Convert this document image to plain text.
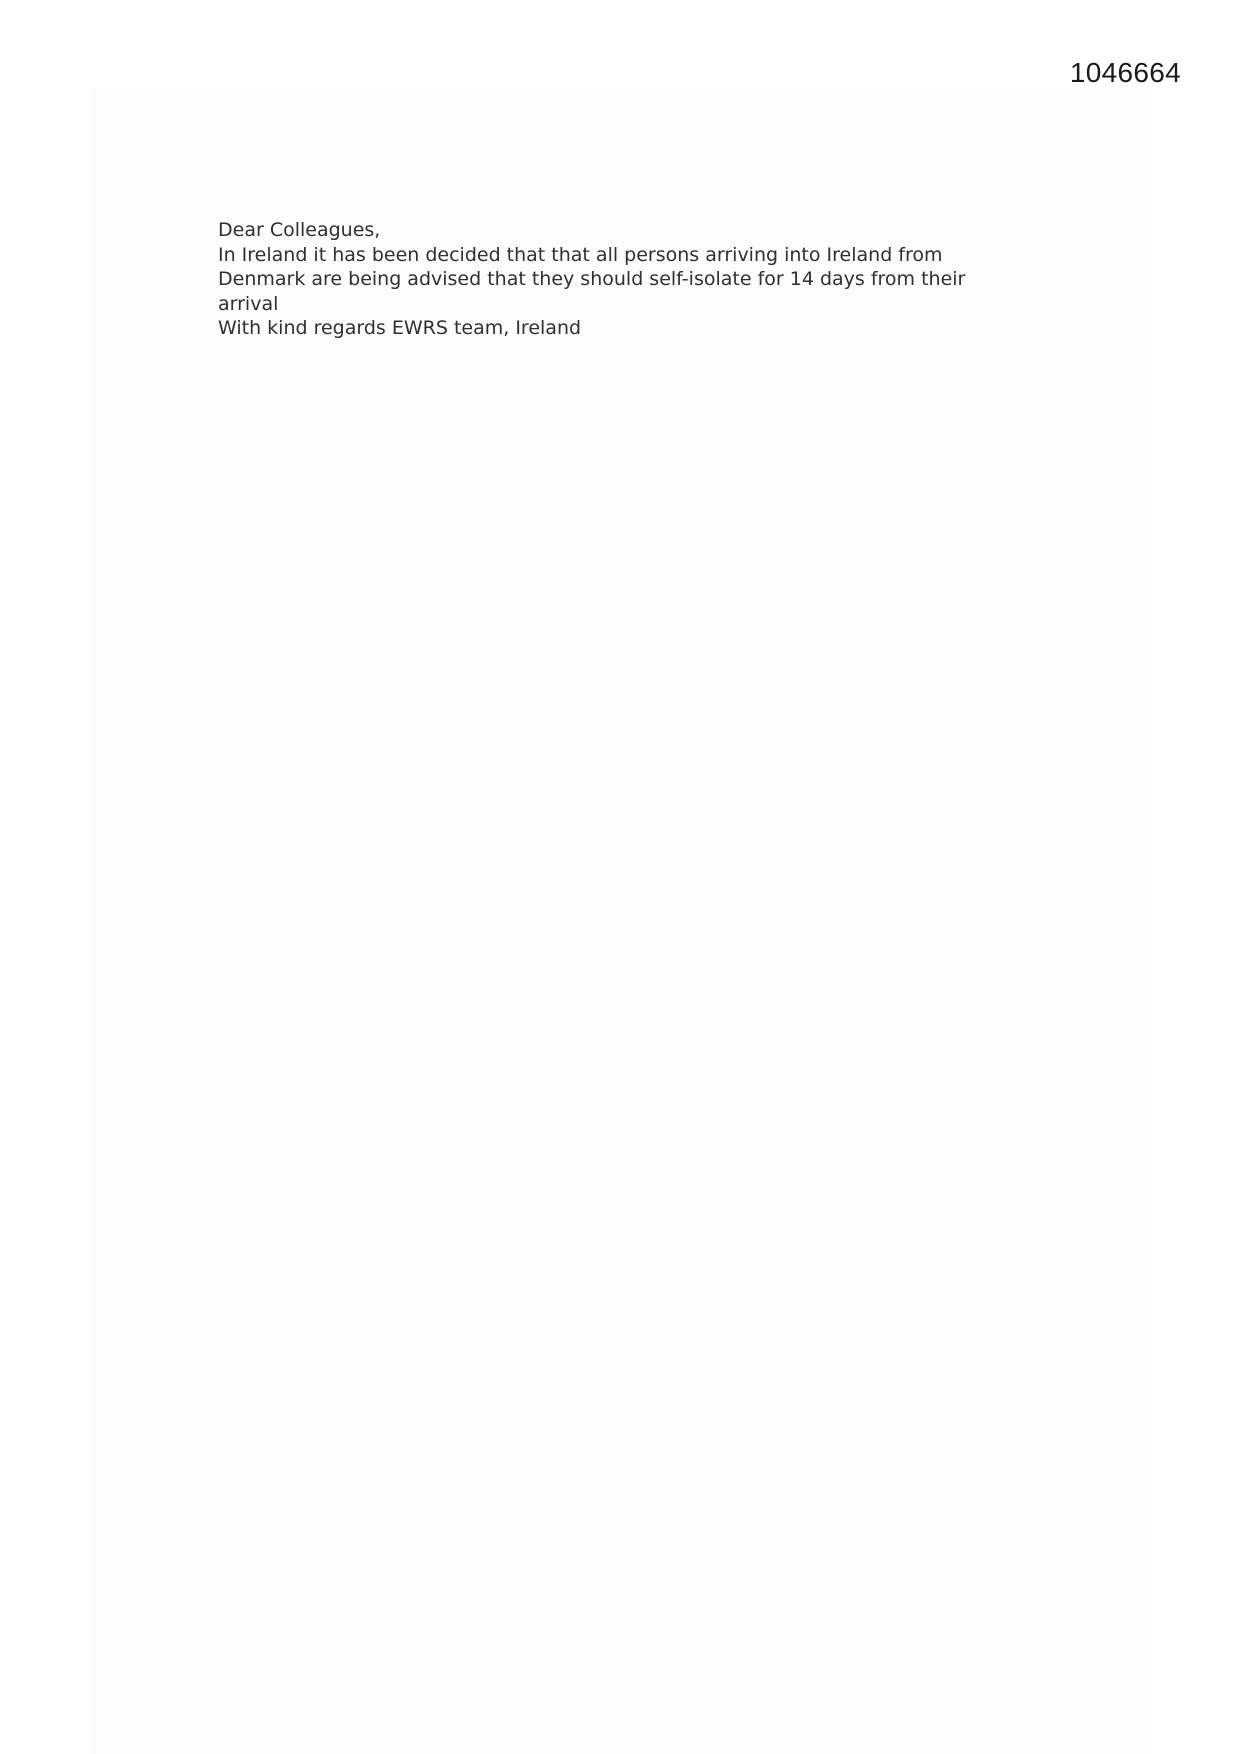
1046664

Dear Colleagues,

In Ireland it has been decided that that all persons arriving into Ireland from

Denmark are being advised that they should self-isolate for 14 days from their

arrival

With kind regards EWRS team, Ireland
